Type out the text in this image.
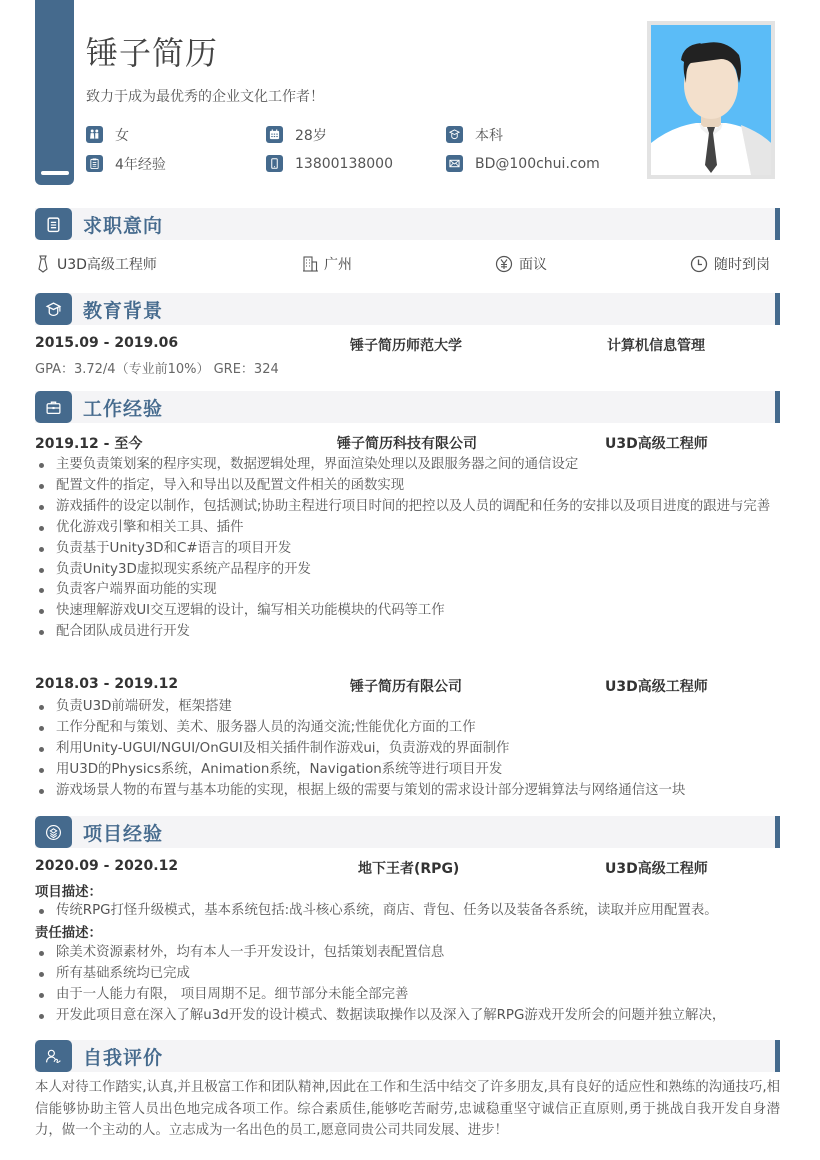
锤子简历
致力于成为最优秀的企业文化工作者！
女	28岁	本科
4年经验	13800138000	BD@100chui.com
求职意向
U3D高级工程师	广州	面议	随时到岗
教育背景
2015.09 - 2019.06	锤子简历师范大学	计算机信息管理
GPA：3.72/4（专业前10%） GRE：324
工作经验
2019.12 - 至今	锤子简历科技有限公司	U3D高级工程师
主要负责策划案的程序实现，数据逻辑处理，界面渲染处理以及跟服务器之间的通信设定
配置文件的指定，导入和导出以及配置文件相关的函数实现
游戏插件的设定以制作，包括测试;协助主程进行项目时间的把控以及人员的调配和任务的安排以及项目进度的跟进与完善
优化游戏引擎和相关工具、插件
负责基于Unity3D和C#语言的项目开发
负责Unity3D虚拟现实系统产品程序的开发
负责客户端界面功能的实现
快速理解游戏UI交互逻辑的设计，编写相关功能模块的代码等工作
配合团队成员进行开发
2018.03 - 2019.12	锤子简历有限公司	U3D高级工程师
负责U3D前端研发，框架搭建
工作分配和与策划、美术、服务器人员的沟通交流;性能优化方面的工作
利用Unity-UGUI/NGUI/OnGUI及相关插件制作游戏ui，负责游戏的界面制作
用U3D的Physics系统，Animation系统，Navigation系统等进行项目开发
游戏场景人物的布置与基本功能的实现，根据上级的需要与策划的需求设计部分逻辑算法与网络通信这一块
项目经验
2020.09 - 2020.12	地下王者(RPG)	U3D高级工程师
项目描述：
传统RPG打怪升级模式，基本系统包括:战斗核心系统，商店、背包、任务以及装备各系统，读取并应用配置表。
责任描述：
除美术资源素材外，均有本人一手开发设计，包括策划表配置信息
所有基础系统均已完成
由于一人能力有限， 项目周期不足。细节部分未能全部完善
开发此项目意在深入了解u3d开发的设计模式、数据读取操作以及深入了解RPG游戏开发所会的问题并独立解决，
自我评价

本人对待工作踏实,认真,并且极富工作和团队精神,因此在工作和生活中结交了许多朋友,具有良好的适应性和熟练的沟通技巧,相信能够协助主管人员出色地完成各项工作。综合素质佳,能够吃苦耐劳,忠诚稳重坚守诚信正直原则,勇于挑战自我开发自身潜力，做一个主动的人。立志成为一名出色的员工,愿意同贵公司共同发展、进步！
